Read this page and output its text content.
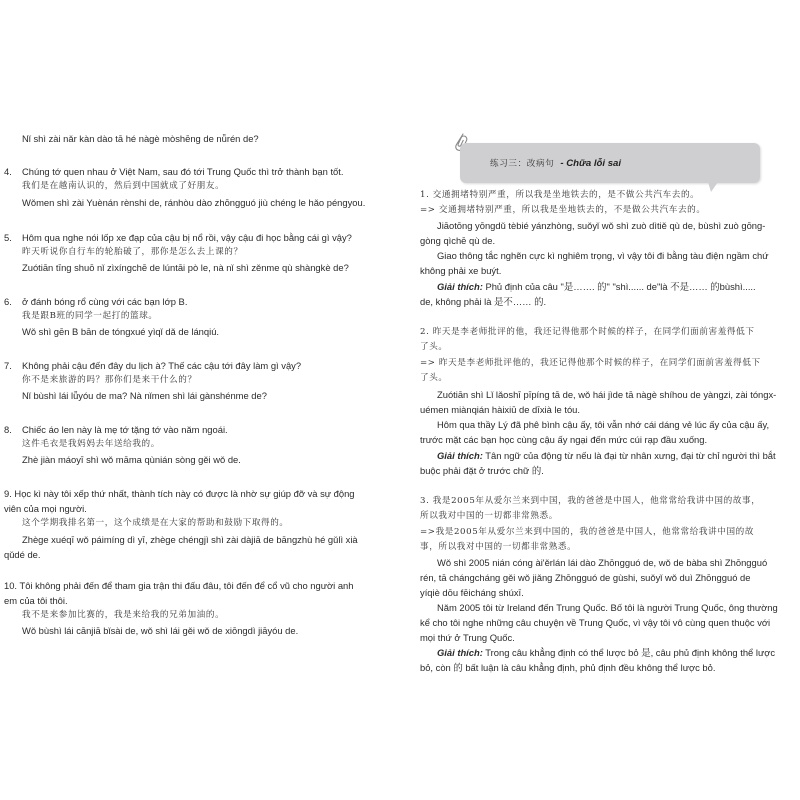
练习三：改病句 - Chữa lỗi sai
Nǐ shì zài nǎr kàn dào tā hé nàgè mòshēng de nǚrén de?
4. Chúng tớ quen nhau ở Việt Nam, sau đó tới Trung Quốc thì trở thành bạn tốt.
我们是在越南认识的，然后到中国就成了好朋友。
Wǒmen shì zài Yuènán rènshi de, ránhòu dào zhōngguó jiù chéng le hǎo péngyou.
5. Hôm qua nghe nói lốp xe đạp của cậu bị nổ rồi, vậy cậu đi học bằng cái gì vậy?
昨天听说你自行车的轮胎破了，那你是怎么去上课的？
Zuótiān tīng shuō nǐ zìxíngchē de lúntāi pò le, nà nǐ shì zěnme qù shàngkè de?
6. ở đánh bóng rổ cùng với các bạn lớp B.
我是跟B班的同学一起打的篮球。
Wǒ shì gēn B bān de tóngxué yìqǐ dǎ de lánqiú.
7. Không phải cậu đến đây du lịch à? Thế các cậu tới đây làm gì vậy?
你不是来旅游的吗？那你们是来干什么的？
Nǐ bùshì lái lǚyóu de ma? Nà nǐmen shì lái gànshénme de?
8. Chiếc áo len này là mẹ tớ tặng tớ vào năm ngoái.
这件毛衣是我妈妈去年送给我的。
Zhè jiàn máoyī shì wǒ māma qùnián sòng gěi wǒ de.
9. Học kì này tôi xếp thứ nhất, thành tích này có được là nhờ sự giúp đỡ và sự động
viên của mọi người.
这个学期我排名第一，这个成绩是在大家的帮助和鼓励下取得的。
Zhège xuéqī wǒ páimíng dì yī, zhège chéngjì shì zài dàjiā de bāngzhù hé gǔlì xià
qǔdé de.
10. Tôi không phải đến để tham gia trận thi đấu đâu, tôi đến để cổ vũ cho người anh
em của tôi thôi.
我不是来参加比赛的，我是来给我的兄弟加油的。
Wǒ bùshì lái cānjiā bǐsài de, wǒ shì lái gěi wǒ de xiōngdì jiāyóu de.
1. 交通拥堵特别严重，所以我是坐地铁去的，是不做公共汽车去的。
=> 交通拥堵特别严重，所以我是坐地铁去的，不是做公共汽车去的。
Jiāotōng yōngdǔ tèbié yánzhòng, suǒyǐ wǒ shì zuò dìtiě qù de, bùshì zuò gōng-
gòng qìchē qù de.
Giao thông tắc nghẽn cực kì nghiêm trọng, vì vậy tôi đi bằng tàu điện ngầm chứ
không phải xe buýt.
Giải thích: Phủ định của câu "是……. 的" "shì...... de"là 不是…… 的bùshì.....
de, không phải là 是不…… 的.
2. 昨天是李老师批评的他，我还记得他那个时候的样子，在同学们面前害羞得低下
了头。
=> 昨天是李老师批评他的，我还记得他那个时候的样子，在同学们面前害羞得低下
了头。
Zuótiān shì Lǐ lǎoshī pīpíng tā de, wǒ hái jìde tā nàgè shíhou de yàngzi, zài tóngx-
uémen miànqián hàixiū de dīxià le tóu.
Hôm qua thầy Lý đã phê bình cậu ấy, tôi vẫn nhớ cái dáng vẻ lúc ấy của cậu ấy,
trước mặt các bạn học cùng cậu ấy ngại đến mức cúi rạp đầu xuống.
Giải thích: Tân ngữ của động từ nếu là đại từ nhân xưng, đại từ chỉ người thì bắt
buộc phải đặt ở trước chữ 的.
3. 我是2005年从爱尔兰来到中国，我的爸爸是中国人，他常常给我讲中国的故事，
所以我对中国的一切都非常熟悉。
=>我是2005年从爱尔兰来到中国的，我的爸爸是中国人，他常常给我讲中国的故
事，所以我对中国的一切都非常熟悉。
Wǒ shì 2005 nián cóng ài'ěrlán lái dào Zhōngguó de, wǒ de bàba shì Zhōngguó
rén, tā chángcháng gěi wǒ jiǎng Zhōngguó de gùshi, suǒyǐ wǒ duì Zhōngguó de
yíqiè dōu fēicháng shúxī.
Năm 2005 tôi từ Ireland đến Trung Quốc. Bố tôi là người Trung Quốc, ông thường
kể cho tôi nghe những câu chuyện về Trung Quốc, vì vậy tôi vô cùng quen thuộc với
mọi thứ ở Trung Quốc.
Giải thích: Trong câu khẳng định có thể lược bỏ 是, câu phủ định không thể lược
bỏ, còn 的 bất luận là câu khẳng định, phủ định đều không thể lược bỏ.
